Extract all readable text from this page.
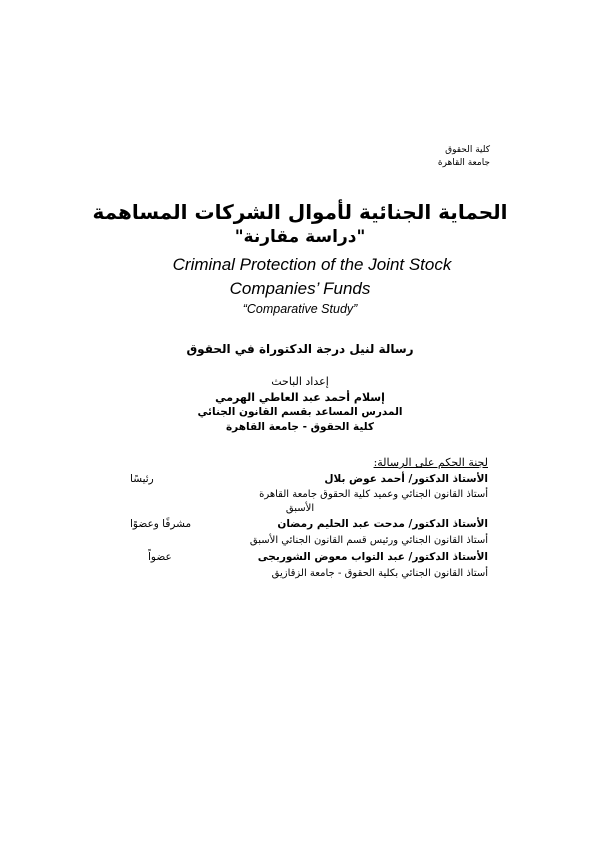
كلية الحقوق
جامعة القاهرة
الحماية الجنائية لأموال الشركات المساهمة
"دراسة مقارنة"
Criminal Protection of the Joint Stock
Companies’ Funds
“Comparative Study”
رسالة لنيل درجة الدكتوراة في الحقوق
إعداد الباحث
إسلام أحمد عبد العاطي الهرمي
المدرس المساعد بقسم القانون الجنائي
كلية الحقوق - جامعة القاهرة
لجنة الحكم على الرسالة:
الأستاذ الدكتور/ أحمد عوض بلال
رئيسًا
أستاذ القانون الجنائي وعميد كلية الحقوق جامعة القاهرة
الأسبق
الأستاذ الدكتور/ مدحت عبد الحليم رمضان
مشرفًا وعضوًا
أستاذ القانون الجنائي ورئيس قسم القانون الجنائي الأسبق
الأستاذ الدكتور/ عبد التواب معوض الشوربجى
عضواً
أستاذ القانون الجنائي بكلية الحقوق - جامعة الزقازيق
